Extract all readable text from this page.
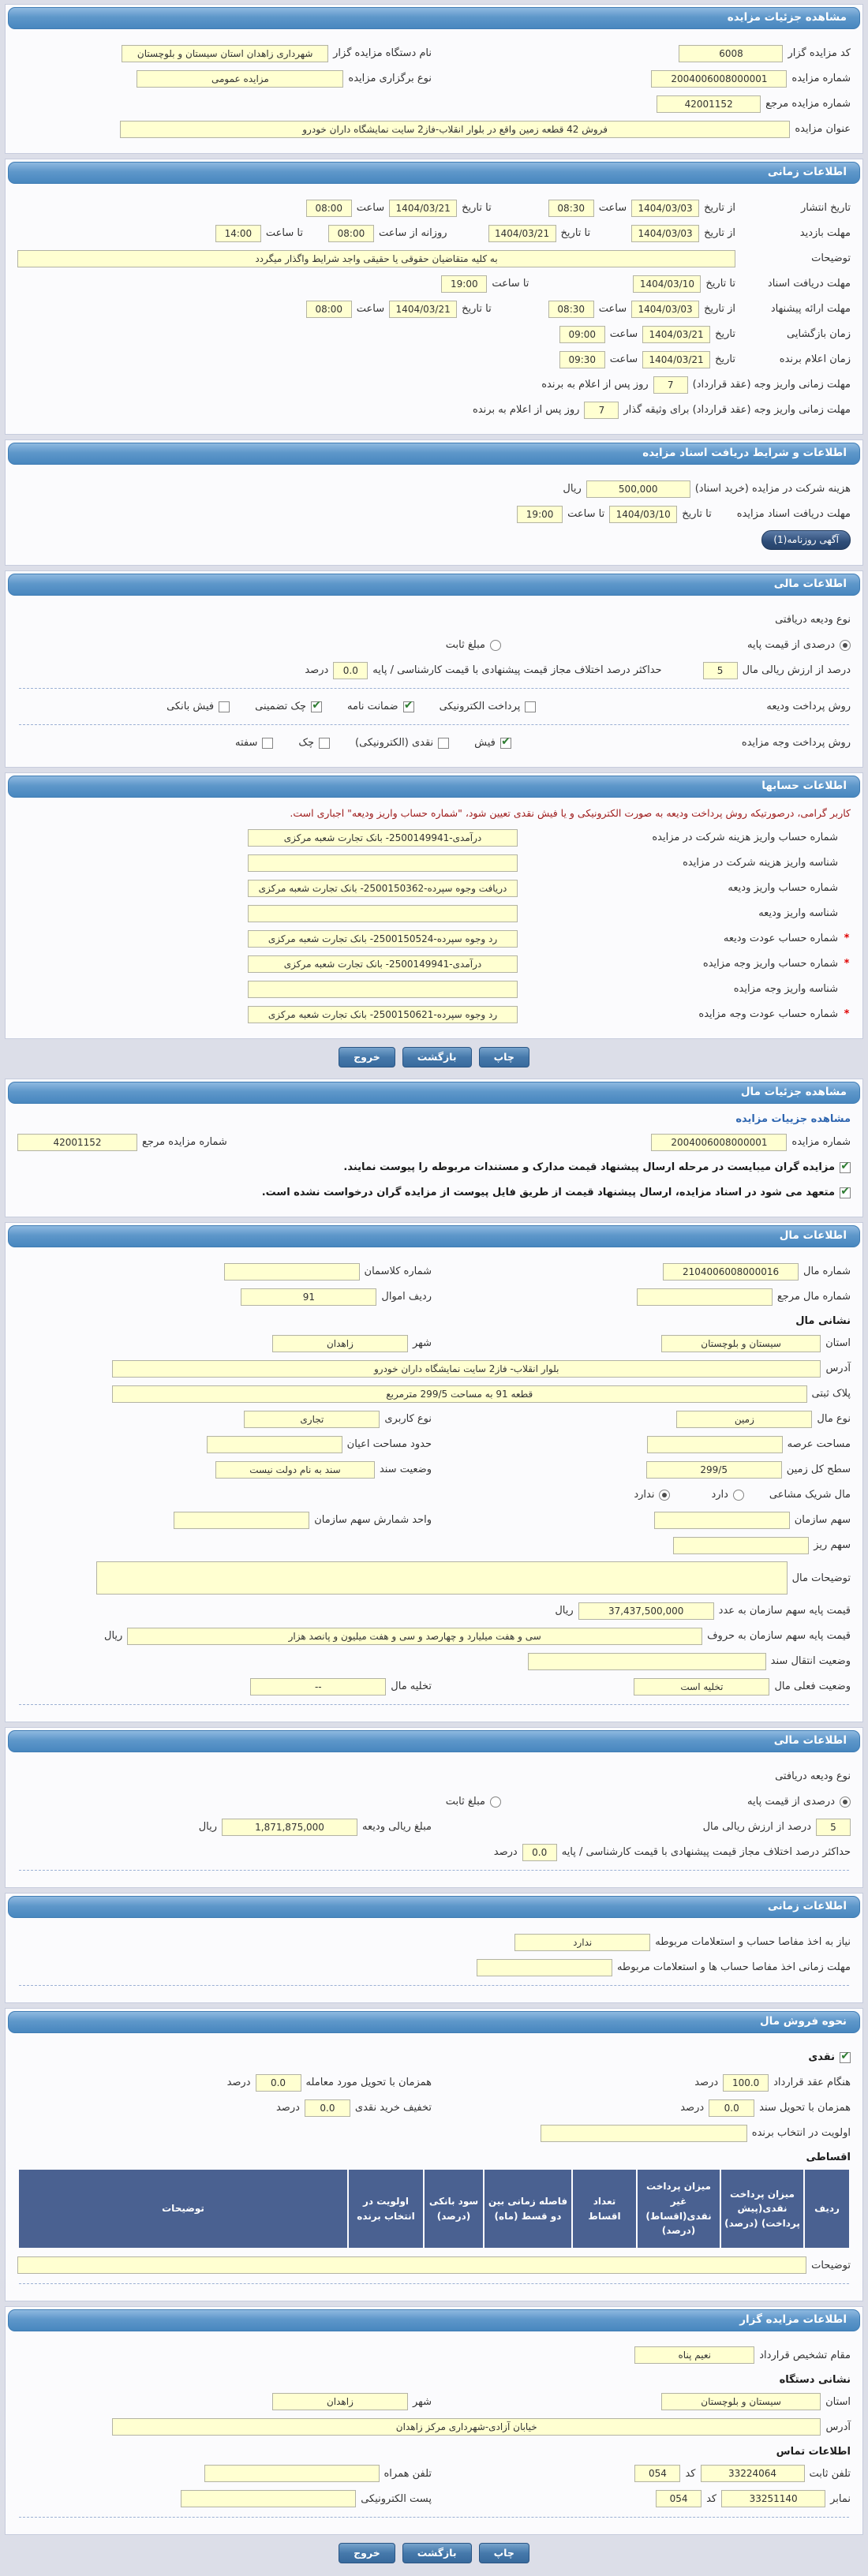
مشاهده جزئیات مزایده
کد مزایده گزار
6008
نام دستگاه مزایده گزار
شهرداری زاهدان استان سیستان و بلوچستان
شماره مزایده
2004006008000001
نوع برگزاری مزایده
مزایده عمومی
شماره مزایده مرجع
42001152
عنوان مزایده
فروش 42 قطعه زمین واقع در بلوار انقلاب-فاز2 سایت نمایشگاه داران خودرو
اطلاعات زمانی
تاریخ انتشار
از تاریخ
1404/03/03
ساعت
08:30
تا تاریخ
1404/03/21
ساعت
08:00
مهلت بازدید
از تاریخ
1404/03/03
تا تاریخ
1404/03/21
روزانه از ساعت
08:00
تا ساعت
14:00
توضیحات
به کلیه متقاضیان حقوقی یا حقیقی واجد شرایط واگذار میگردد
مهلت دریافت اسناد
تا تاریخ
1404/03/10
تا ساعت
19:00
مهلت ارائه پیشنهاد
از تاریخ
1404/03/03
ساعت
08:30
تا تاریخ
1404/03/21
ساعت
08:00
زمان بازگشایی
تاریخ
1404/03/21
ساعت
09:00
زمان اعلام برنده
تاریخ
1404/03/21
ساعت
09:30
مهلت زمانی واریز وجه (عقد قرارداد)
7
روز پس از اعلام به برنده
مهلت زمانی واریز وجه (عقد قرارداد) برای وثیقه گذار
7
روز پس از اعلام به برنده
اطلاعات و شرایط دریافت اسناد مزایده
هزینه شرکت در مزایده (خرید اسناد)
500,000
ریال
مهلت دریافت اسناد مزایده
تا تاریخ
1404/03/10
تا ساعت
19:00
آگهی روزنامه(1)
اطلاعات مالی
نوع ودیعه دریافتی
درصدی از قیمت پایه
مبلغ ثابت
درصد از ارزش ریالی مال
5
حداکثر درصد اختلاف مجاز قیمت پیشنهادی با قیمت کارشناسی / پایه
0.0
درصد
روش پرداخت ودیعه
پرداخت الکترونیکی
✔
ضمانت نامه
✔
چک تضمینی
فیش بانکی
روش پرداخت وجه مزایده
✔
فیش
نقدی (الکترونیکی)
چک
سفته
اطلاعات حسابها
کاربر گرامی، درصورتیکه روش پرداخت ودیعه به صورت الکترونیکی و یا فیش نقدی تعیین شود، "شماره حساب واریز ودیعه" اجباری است.
شماره حساب واریز هزینه شرکت در مزایده
درآمدی-2500149941- بانک تجارت شعبه مرکزی
شناسه واریز هزینه شرکت در مزایده
شماره حساب واریز ودیعه
دریافت وجوه سپرده-2500150362- بانک تجارت شعبه مرکزی
شناسه واریز ودیعه
*
شماره حساب عودت ودیعه
رد وجوه سپرده-2500150524- بانک تجارت شعبه مرکزی
*
شماره حساب واریز وجه مزایده
درآمدی-2500149941- بانک تجارت شعبه مرکزی
شناسه واریز وجه مزایده
*
شماره حساب عودت وجه مزایده
رد وجوه سپرده-2500150621- بانک تجارت شعبه مرکزی
چاپ
بازگشت
خروج
مشاهده جزئیات مال
مشاهده جزییات مزایده
شماره مزایده
2004006008000001
شماره مزایده مرجع
42001152
✔
مزایده گران میبایست در مرحله ارسال پیشنهاد قیمت مدارک و مستندات مربوطه را پیوست نمایند.
✔
متعهد می شود در اسناد مزایده، ارسال پیشنهاد قیمت از طریق فایل پیوست از مزایده گران درخواست نشده است.
اطلاعات مال
شماره مال
2104006008000016
شماره کلاسمان
شماره مال مرجع
ردیف اموال
91
نشانی مال
استان
سیستان و بلوچستان
شهر
زاهدان
آدرس
بلوار انقلاب- فاز2 سایت نمایشگاه داران خودرو
پلاک ثبتی
قطعه 91 به مساحت 299/5 مترمربع
نوع مال
زمین
نوع کاربری
تجاری
مساحت عرصه
حدود مساحت اعیان
سطح کل زمین
299/5
وضعیت سند
سند به نام دولت نیست
مال شریک مشاعی
دارد
ندارد
سهم سازمان
واحد شمارش سهم سازمان
سهم ریز
توضیحات مال
قیمت پایه سهم سازمان به عدد
37,437,500,000
ریال
قیمت پایه سهم سازمان به حروف
سی و هفت میلیارد و چهارصد و سی و هفت میلیون و پانصد هزار
ریال
وضعیت انتقال سند
وضعیت فعلی مال
تخلیه است
تخلیه مال
--
اطلاعات مالی
نوع ودیعه دریافتی
درصدی از قیمت پایه
مبلغ ثابت
5
درصد از ارزش ریالی مال
مبلغ ریالی ودیعه
1,871,875,000
ریال
حداکثر درصد اختلاف مجاز قیمت پیشنهادی با قیمت کارشناسی / پایه
0.0
درصد
اطلاعات زمانی
نیاز به اخذ مفاصا حساب و استعلامات مربوطه
ندارد
مهلت زمانی اخذ مفاصا حساب ها و استعلامات مربوطه
نحوه فروش مال
✔
نقدی
هنگام عقد قرارداد
100.0
درصد
همزمان با تحویل مورد معامله
0.0
درصد
همزمان با تحویل سند
0.0
درصد
تخفیف خرید نقدی
0.0
درصد
اولویت در انتخاب برنده
اقساطی
ردیف	میزان پرداخت نقدی(پیش پرداخت) (درصد)	میزان پرداخت غیر نقدی(اقساط) (درصد)	تعداد اقساط	فاصله زمانی بین دو قسط (ماه)	سود بانکی (درصد)	اولویت در انتخاب برنده	توضیحات
توضیحات
اطلاعات مزایده گزار
مقام تشخیص قرارداد
نعیم پناه
نشانی دستگاه
استان
سیستان و بلوچستان
شهر
زاهدان
آدرس
خیابان آزادی-شهرداری مرکز زاهدان
اطلاعات تماس
تلفن ثابت
33224064
کد
054
تلفن همراه
نمابر
33251140
کد
054
پست الکترونیکی
چاپ
بازگشت
خروج
